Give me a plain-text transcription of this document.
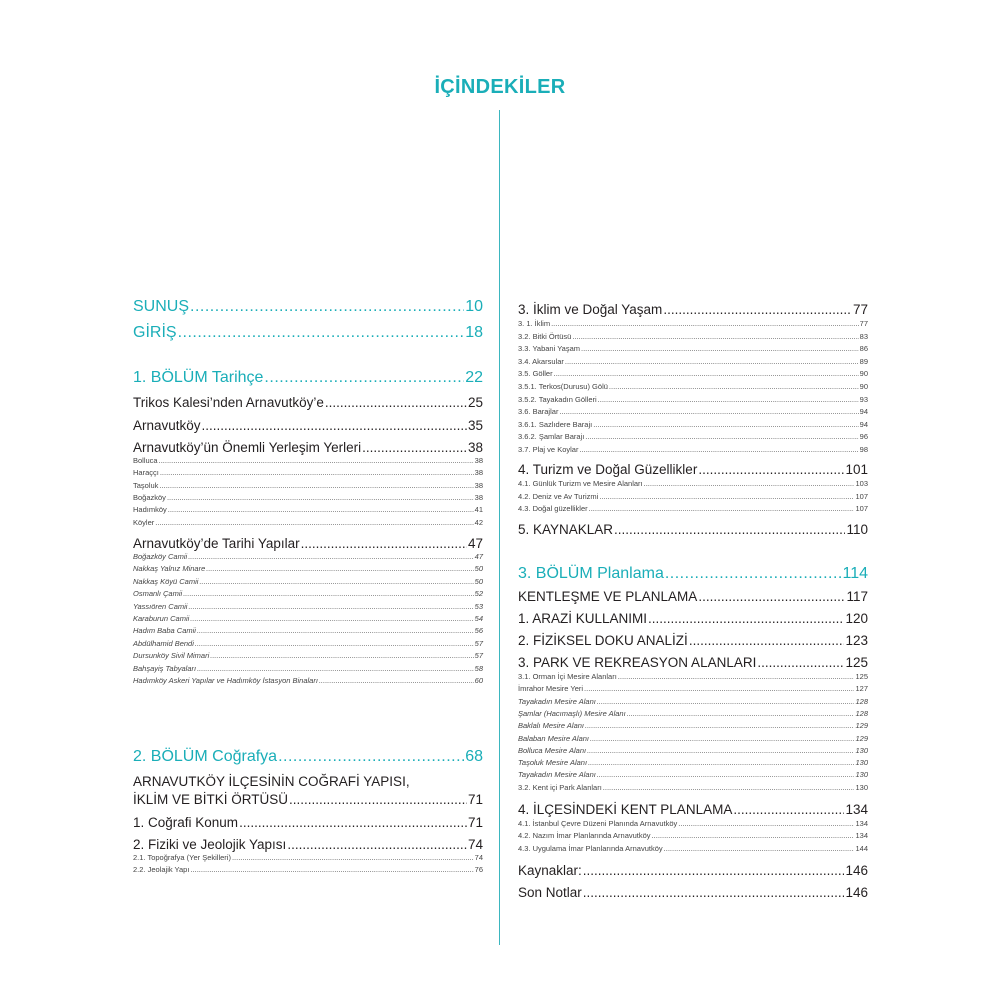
İÇİNDEKİLER
SUNUŞ .....	10
GİRİŞ .....	18
1. BÖLÜM Tarihçe .....	22
Trikos Kalesi’nden Arnavutköy’e .....	25
Arnavutköy .....	35
Arnavutköy’ün Önemli Yerleşim Yerleri .....	38
Bolluca .....	38
Haraççı .....	38
Taşoluk .....	38
Boğazköy .....	38
Hadımköy .....	41
Köyler .....	42
Arnavutköy’de Tarihi Yapılar .....	47
Boğazköy Camii .....	47
Nakkaş Yalnız Minare .....	50
Nakkaş Köyü Camii .....	50
Osmanlı Çamii .....	52
Yassıören Camii .....	53
Karaburun Camii .....	54
Hadım Baba Camii .....	56
Abdülhamid Bendi .....	57
Dursunköy Sivil Mimari .....	57
Bahşayiş Tabyaları .....	58
Hadımköy Askeri Yapılar ve Hadımköy İstasyon Binaları .....	60
2. BÖLÜM Coğrafya .....	68
ARNAVUTKÖY İLÇESİNİN COĞRAFİ YAPISI,
İKLİM VE BİTKİ ÖRTÜSÜ .....	71
1. Coğrafi Konum .....	71
2. Fiziki ve Jeolojik Yapısı .....	74
2.1. Topoğrafya (Yer Şekilleri) .....	74
2.2. Jeolajik Yapı .....	76
3. İklim ve Doğal Yaşam .....	77
3. 1. İklim .....	77
3.2. Bitki Örtüsü .....	83
3.3. Yabani Yaşam .....	86
3.4. Akarsular .....	89
3.5. Göller .....	90
3.5.1. Terkos(Durusu) Gölü .....	90
3.5.2. Tayakadın Gölleri .....	93
3.6. Barajlar .....	94
3.6.1. Sazlıdere Barajı .....	94
3.6.2. Şamlar Barajı .....	96
3.7. Plaj ve Koylar .....	98
4. Turizm ve Doğal Güzellikler .....	101
4.1. Günlük Turizm ve Mesire Alanları .....	103
4.2. Deniz ve Av Turizmi .....	107
4.3. Doğal güzellikler .....	107
5. KAYNAKLAR .....	110
3. BÖLÜM Planlama .....	114
KENTLEŞME VE PLANLAMA .....	117
1. ARAZİ KULLANIMI .....	120
2. FİZİKSEL DOKU ANALİZİ .....	123
3. PARK VE REKREASYON ALANLARI .....	125
3.1. Orman İçi Mesire Alanları .....	125
İmrahor Mesire Yeri .....	127
Tayakadın Mesire Alanı .....	128
Şamlar (Hacımaşlı) Mesire Alanı .....	128
Baklalı Mesire Alanı .....	129
Balaban Mesire Alanı .....	129
Bolluca Mesire Alanı .....	130
Taşoluk Mesire Alanı .....	130
Tayakadın Mesire Alanı .....	130
3.2. Kent içi Park Alanları .....	130
4. İLÇESİNDEKİ KENT PLANLAMA .....	134
4.1. İstanbul Çevre Düzeni Planında Arnavutköy .....	134
4.2. Nazım İmar Planlarında Arnavutköy .....	134
4.3. Uygulama İmar Planlarında Arnavutköy .....	144
Kaynaklar: .....	146
Son Notlar .....	146
